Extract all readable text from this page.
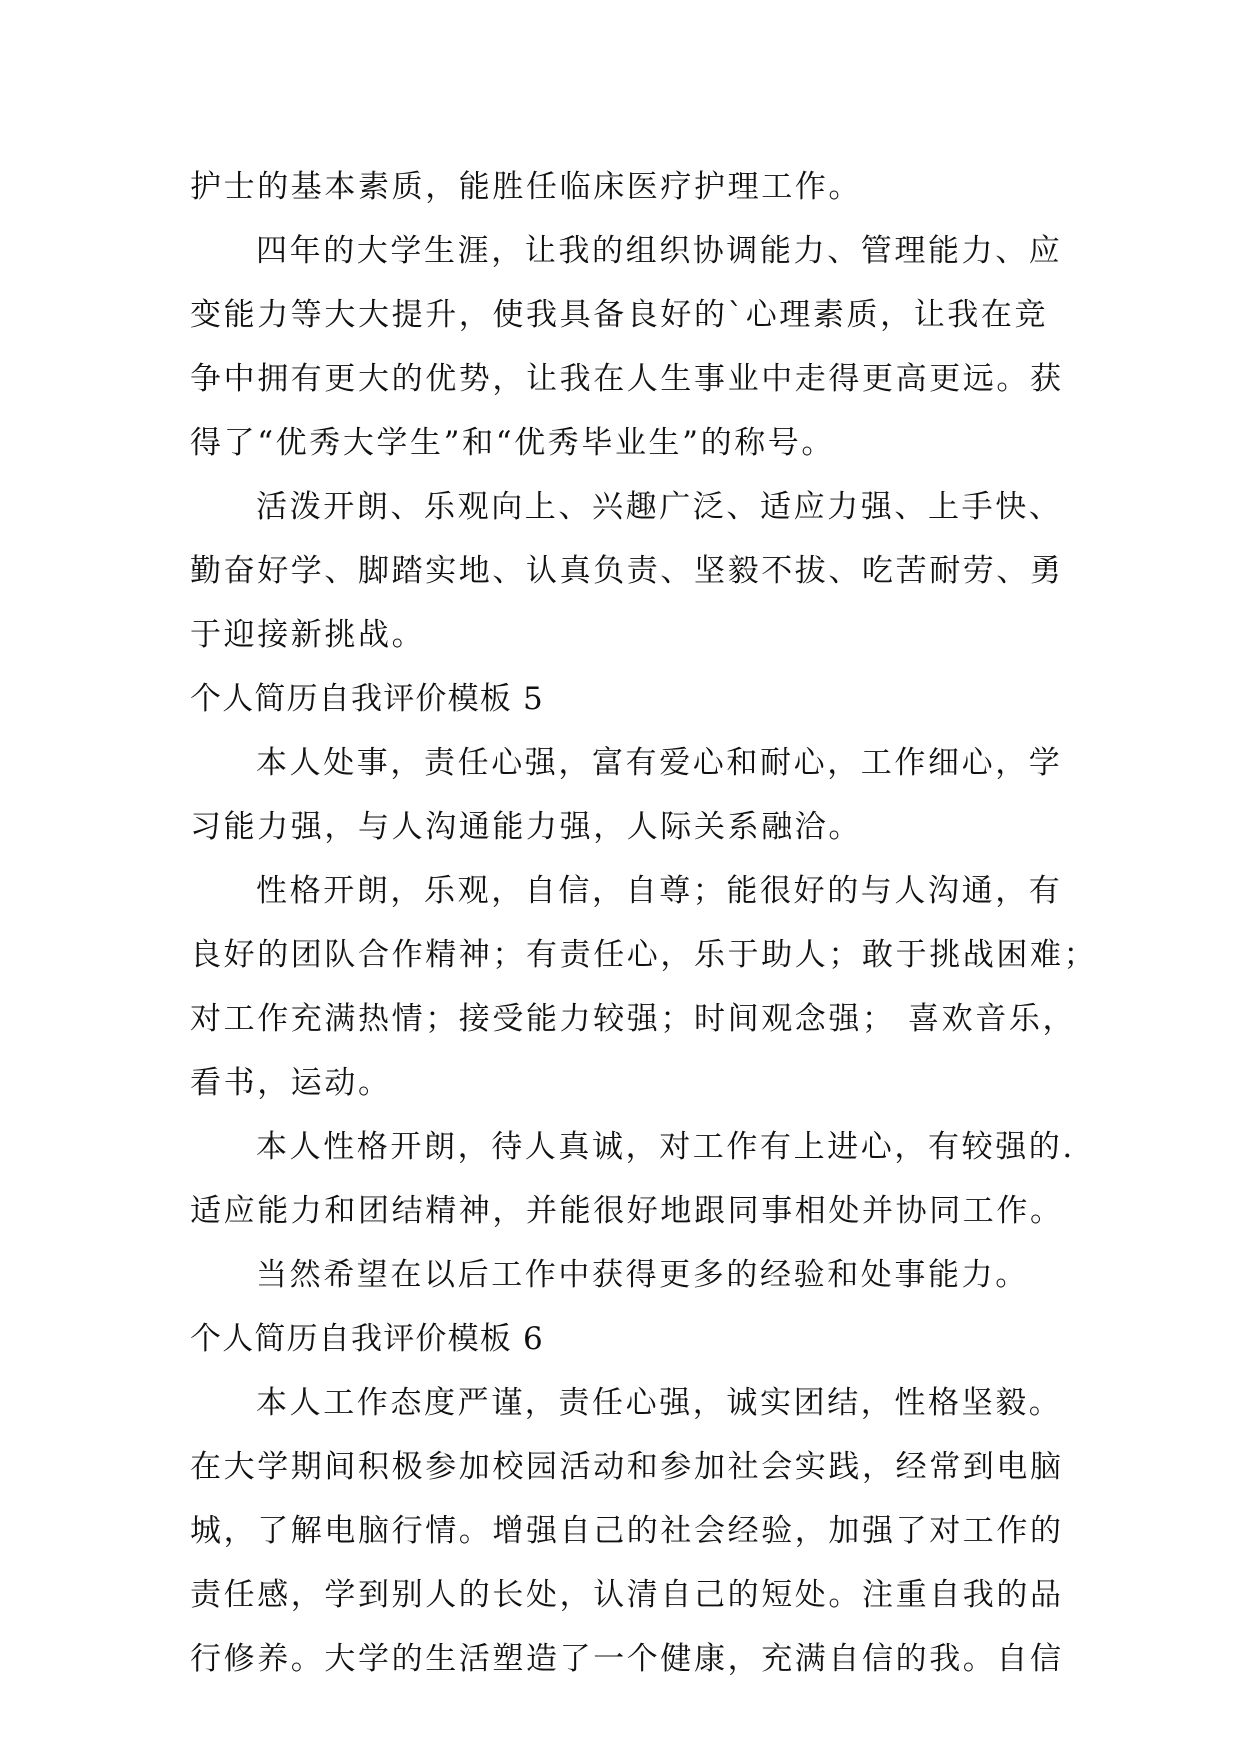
护士的基本素质，能胜任临床医疗护理工作。
四年的大学生涯，让我的组织协调能力、管理能力、应
变能力等大大提升，使我具备良好的`心理素质，让我在竞
争中拥有更大的优势，让我在人生事业中走得更高更远。获
得了“优秀大学生”和“优秀毕业生”的称号。
活泼开朗、乐观向上、兴趣广泛、适应力强、上手快、
勤奋好学、脚踏实地、认真负责、坚毅不拔、吃苦耐劳、勇
于迎接新挑战。
个人简历自我评价模板 5
本人处事，责任心强，富有爱心和耐心，工作细心，学
习能力强，与人沟通能力强，人际关系融洽。
性格开朗，乐观，自信，自尊；能很好的与人沟通，有
良好的团队合作精神；有责任心，乐于助人；敢于挑战困难；
对工作充满热情；接受能力较强；时间观念强； 喜欢音乐，
看书，运动。
本人性格开朗，待人真诚，对工作有上进心，有较强的.
适应能力和团结精神，并能很好地跟同事相处并协同工作。
当然希望在以后工作中获得更多的经验和处事能力。
个人简历自我评价模板 6
本人工作态度严谨，责任心强，诚实团结，性格坚毅。
在大学期间积极参加校园活动和参加社会实践，经常到电脑
城，了解电脑行情。增强自己的社会经验，加强了对工作的
责任感，学到别人的长处，认清自己的短处。注重自我的品
行修养。大学的生活塑造了一个健康，充满自信的我。自信
